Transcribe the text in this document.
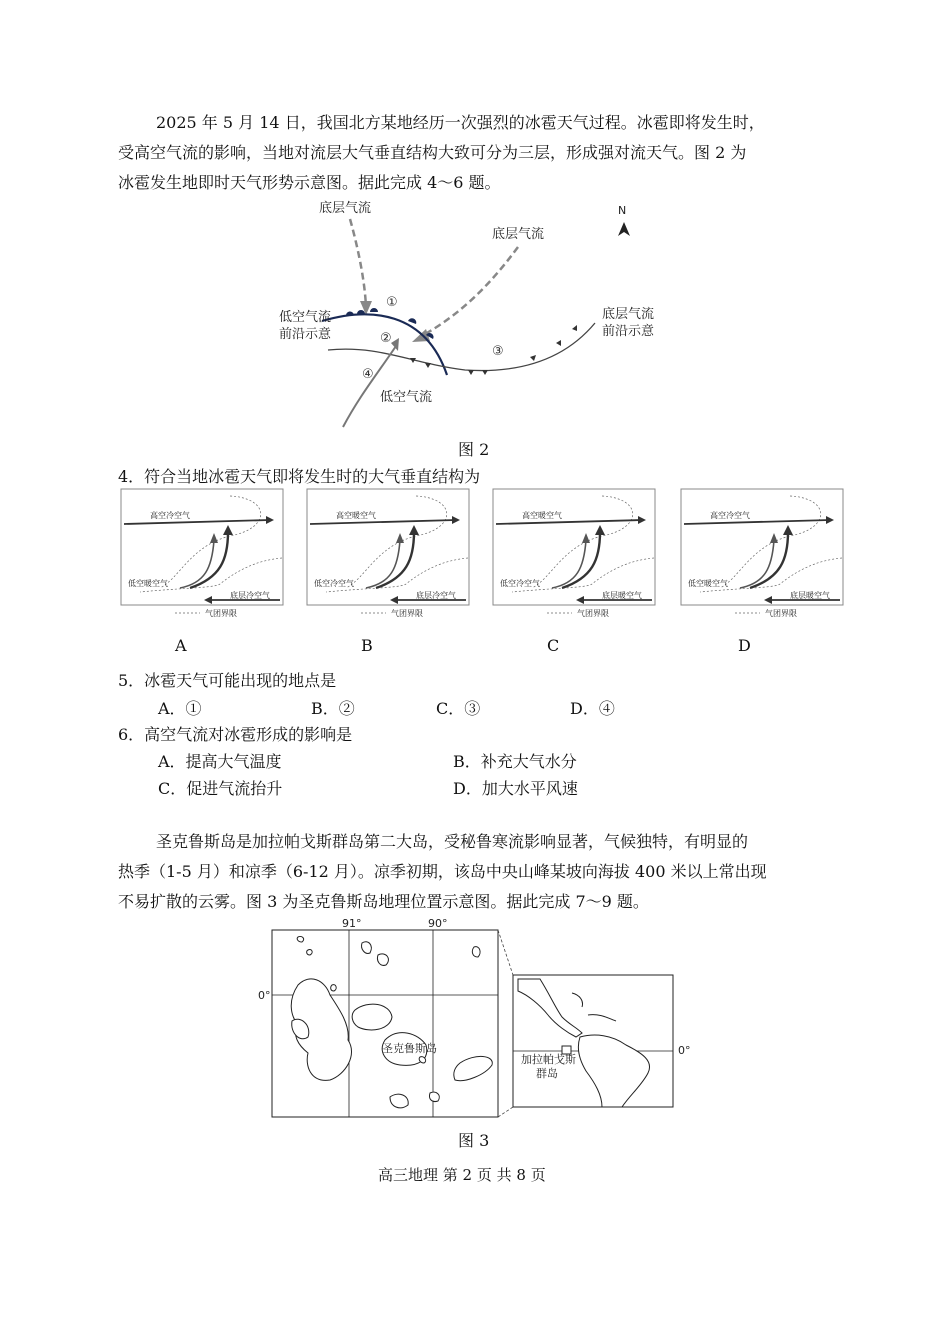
2025 年 5 月 14 日，我国北方某地经历一次强烈的冰雹天气过程。冰雹即将发生时，

受高空气流的影响，当地对流层大气垂直结构大致可分为三层，形成强对流天气。图 2 为

冰雹发生地即时天气形势示意图。据此完成 4～6 题。

底层气流
底层气流
N
①
②
③
④
低空气流
前沿示意
底层气流
前沿示意
低空气流
图 2
4．符合当地冰雹天气即将发生时的大气垂直结构为
高空冷空气
低空暖空气
底层冷空气
气团界限
A
高空暖空气
低空冷空气
底层冷空气
气团界限
B
高空暖空气
低空冷空气
底层暖空气
气团界限
C
高空冷空气
低空暖空气
底层暖空气
气团界限
D
5．冰雹天气可能出现的地点是
A．①	B．②	C．③	D．④
6．高空气流对冰雹形成的影响是
A．提高大气温度	B．补充大气水分
C．促进气流抬升	D．加大水平风速

圣克鲁斯岛是加拉帕戈斯群岛第二大岛，受秘鲁寒流影响显著，气候独特，有明显的

热季（1-5 月）和凉季（6-12 月）。凉季初期，该岛中央山峰某坡向海拔 400 米以上常出现

不易扩散的云雾。图 3 为圣克鲁斯岛地理位置示意图。据此完成 7～9 题。

91°	90°
0°
圣克鲁斯岛	0°
加拉帕戈斯
群岛
图 3
高三地理 第 2 页 共 8 页
